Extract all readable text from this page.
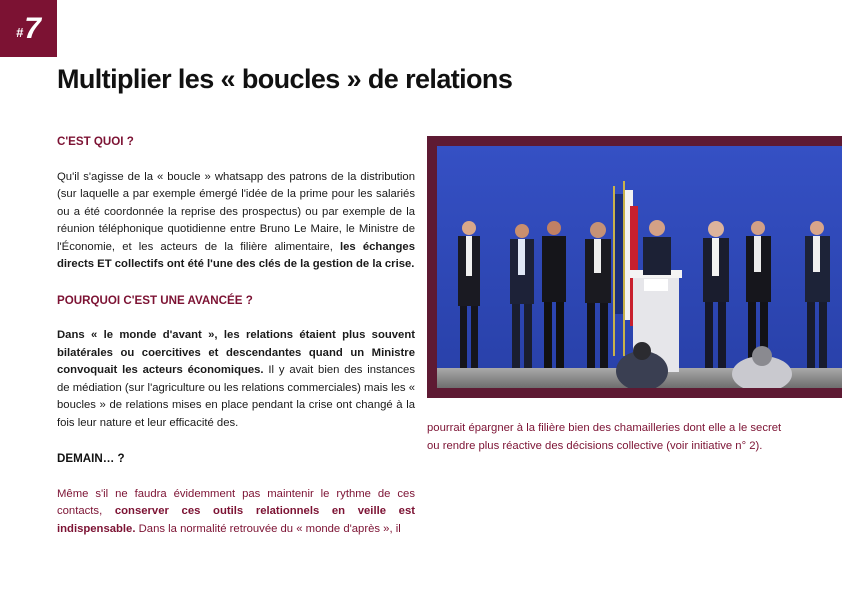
# 7
Multiplier les « boucles » de relations
C'EST QUOI ?

Qu'il s'agisse de la « boucle » whatsapp des patrons de la distribution (sur laquelle a par exemple émergé l'idée de la prime pour les salariés ou a été coordonnée la reprise des prospectus) ou par exemple de la réunion téléphonique quotidienne entre Bruno Le Maire, le Ministre de l'Économie, et les acteurs de la filière alimentaire, les échanges directs ET collectifs ont été l'une des clés de la gestion de la crise.

POURQUOI C'EST UNE AVANCÉE ?

Dans « le monde d'avant », les relations étaient plus souvent bilatérales ou coercitives et descendantes quand un Ministre convoquait les acteurs économiques. Il y avait bien des instances de médiation (sur l'agriculture ou les relations commerciales) mais les « boucles » de relations mises en place pendant la crise ont changé à la fois leur nature et leur efficacité des.

DEMAIN… ?

Même s'il ne faudra évidemment pas maintenir le rythme de ces contacts, conserver ces outils relationnels en veille est indispensable. Dans la normalité retrouvée du « monde d'après », il

pourrait épargner à la filière bien des chamailleries dont elle a le secret ou rendre plus réactive des décisions collective (voir initiative n° 2).
